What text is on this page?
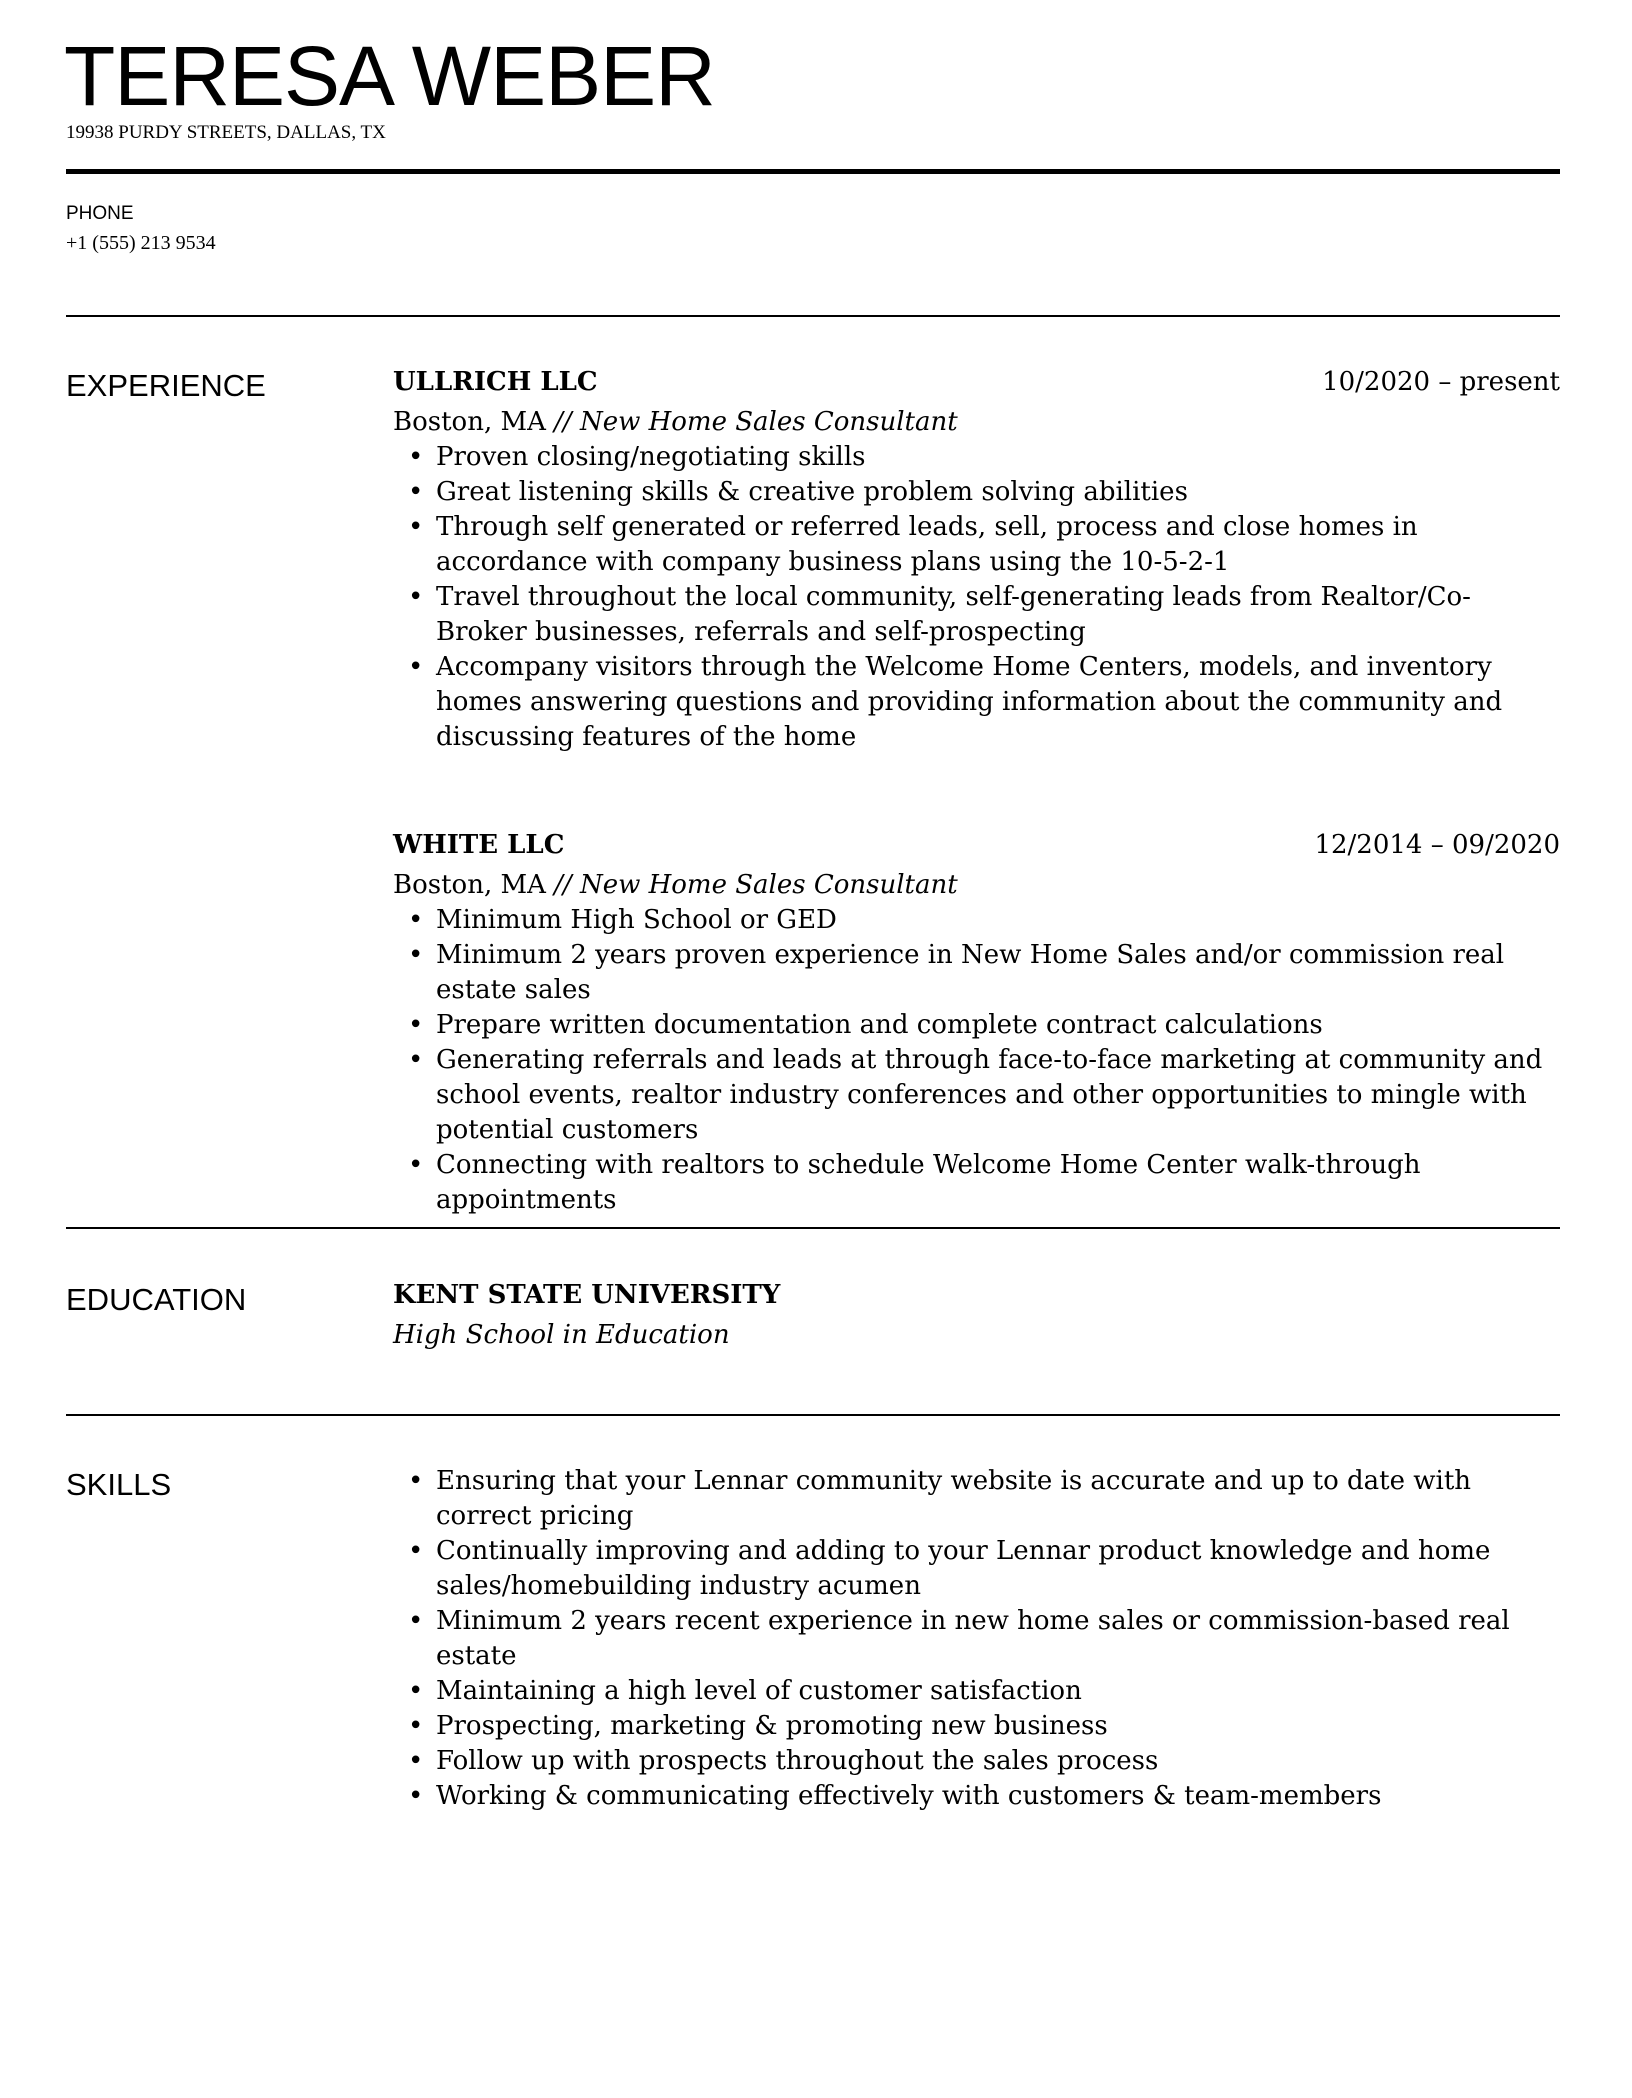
TERESA WEBER
19938 PURDY STREETS, DALLAS, TX
PHONE
+1 (555) 213 9534
EXPERIENCE	ULLRICH LLC	10/2020 – present
Boston, MA // New Home Sales Consultant
• Proven closing/negotiating skills
• Great listening skills & creative problem solving abilities
• Through self generated or referred leads, sell, process and close homes in accordance with company business plans using the 10-5-2-1
• Travel throughout the local community, self-generating leads from Realtor/Co-Broker businesses, referrals and self-prospecting
• Accompany visitors through the Welcome Home Centers, models, and inventory homes answering questions and providing information about the community and discussing features of the home
WHITE LLC	12/2014 – 09/2020
Boston, MA // New Home Sales Consultant
• Minimum High School or GED
• Minimum 2 years proven experience in New Home Sales and/or commission real estate sales
• Prepare written documentation and complete contract calculations
• Generating referrals and leads at through face-to-face marketing at community and school events, realtor industry conferences and other opportunities to mingle with potential customers
• Connecting with realtors to schedule Welcome Home Center walk-through appointments
EDUCATION	KENT STATE UNIVERSITY
High School in Education
SKILLS	• Ensuring that your Lennar community website is accurate and up to date with correct pricing
• Continually improving and adding to your Lennar product knowledge and home sales/homebuilding industry acumen
• Minimum 2 years recent experience in new home sales or commission-based real estate
• Maintaining a high level of customer satisfaction
• Prospecting, marketing & promoting new business
• Follow up with prospects throughout the sales process
• Working & communicating effectively with customers & team-members
